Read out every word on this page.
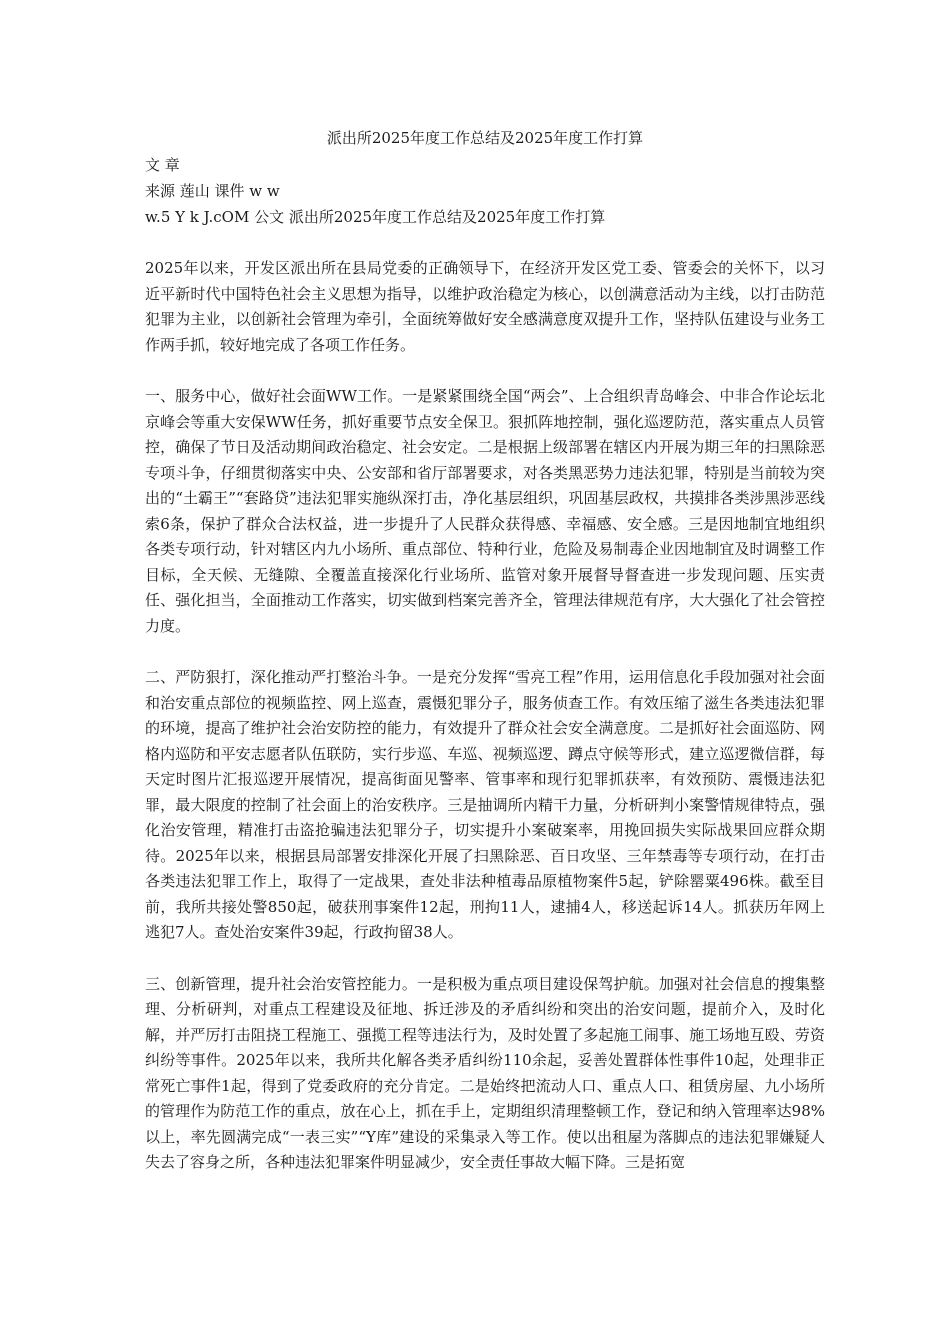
派出所2025年度工作总结及2025年度工作打算

文 章

来源 莲山 课件 w w

w.5 Y k J.cOM 公文 派出所2025年度工作总结及2025年度工作打算

2025年以来，开发区派出所在县局党委的正确领导下，在经济开发区党工委、管委会的关怀下，以习近平新时代中国特色社会主义思想为指导，以维护政治稳定为核心，以创满意活动为主线，以打击防范犯罪为主业，以创新社会管理为牵引，全面统筹做好安全感满意度双提升工作，坚持队伍建设与业务工作两手抓，较好地完成了各项工作任务。

一、服务中心，做好社会面WW工作。一是紧紧围绕全国“两会”、上合组织青岛峰会、中非合作论坛北京峰会等重大安保WW任务，抓好重要节点安全保卫。狠抓阵地控制，强化巡逻防范，落实重点人员管控，确保了节日及活动期间政治稳定、社会安定。二是根据上级部署在辖区内开展为期三年的扫黑除恶专项斗争，仔细贯彻落实中央、公安部和省厅部署要求，对各类黑恶势力违法犯罪，特别是当前较为突出的“土霸王”“套路贷”违法犯罪实施纵深打击，净化基层组织，巩固基层政权，共摸排各类涉黑涉恶线索6条，保护了群众合法权益，进一步提升了人民群众获得感、幸福感、安全感。三是因地制宜地组织各类专项行动，针对辖区内九小场所、重点部位、特种行业，危险及易制毒企业因地制宜及时调整工作目标，全天候、无缝隙、全覆盖直接深化行业场所、监管对象开展督导督查进一步发现问题、压实责任、强化担当，全面推动工作落实，切实做到档案完善齐全，管理法律规范有序，大大强化了社会管控力度。

二、严防狠打，深化推动严打整治斗争。一是充分发挥“雪亮工程”作用，运用信息化手段加强对社会面和治安重点部位的视频监控、网上巡查，震慑犯罪分子，服务侦查工作。有效压缩了滋生各类违法犯罪的环境，提高了维护社会治安防控的能力，有效提升了群众社会安全满意度。二是抓好社会面巡防、网格内巡防和平安志愿者队伍联防，实行步巡、车巡、视频巡逻、蹲点守候等形式，建立巡逻微信群，每天定时图片汇报巡逻开展情况，提高街面见警率、管事率和现行犯罪抓获率，有效预防、震慑违法犯罪，最大限度的控制了社会面上的治安秩序。三是抽调所内精干力量，分析研判小案警情规律特点，强化治安管理，精准打击盗抢骗违法犯罪分子，切实提升小案破案率，用挽回损失实际战果回应群众期待。2025年以来，根据县局部署安排深化开展了扫黑除恶、百日攻坚、三年禁毒等专项行动，在打击各类违法犯罪工作上，取得了一定战果，查处非法种植毒品原植物案件5起，铲除罂粟496株。截至目前，我所共接处警850起，破获刑事案件12起，刑拘11人，逮捕4人，移送起诉14人。抓获历年网上逃犯7人。查处治安案件39起，行政拘留38人。

三、创新管理，提升社会治安管控能力。一是积极为重点项目建设保驾护航。加强对社会信息的搜集整理、分析研判，对重点工程建设及征地、拆迁涉及的矛盾纠纷和突出的治安问题，提前介入，及时化解，并严厉打击阻挠工程施工、强揽工程等违法行为，及时处置了多起施工闹事、施工场地互殴、劳资纠纷等事件。2025年以来，我所共化解各类矛盾纠纷110余起，妥善处置群体性事件10起，处理非正常死亡事件1起，得到了党委政府的充分肯定。二是始终把流动人口、重点人口、租赁房屋、九小场所的管理作为防范工作的重点，放在心上，抓在手上，定期组织清理整顿工作，登记和纳入管理率达98%以上，率先圆满完成“一表三实”“Y库”建设的采集录入等工作。使以出租屋为落脚点的违法犯罪嫌疑人失去了容身之所，各种违法犯罪案件明显减少，安全责任事故大幅下降。三是拓宽
